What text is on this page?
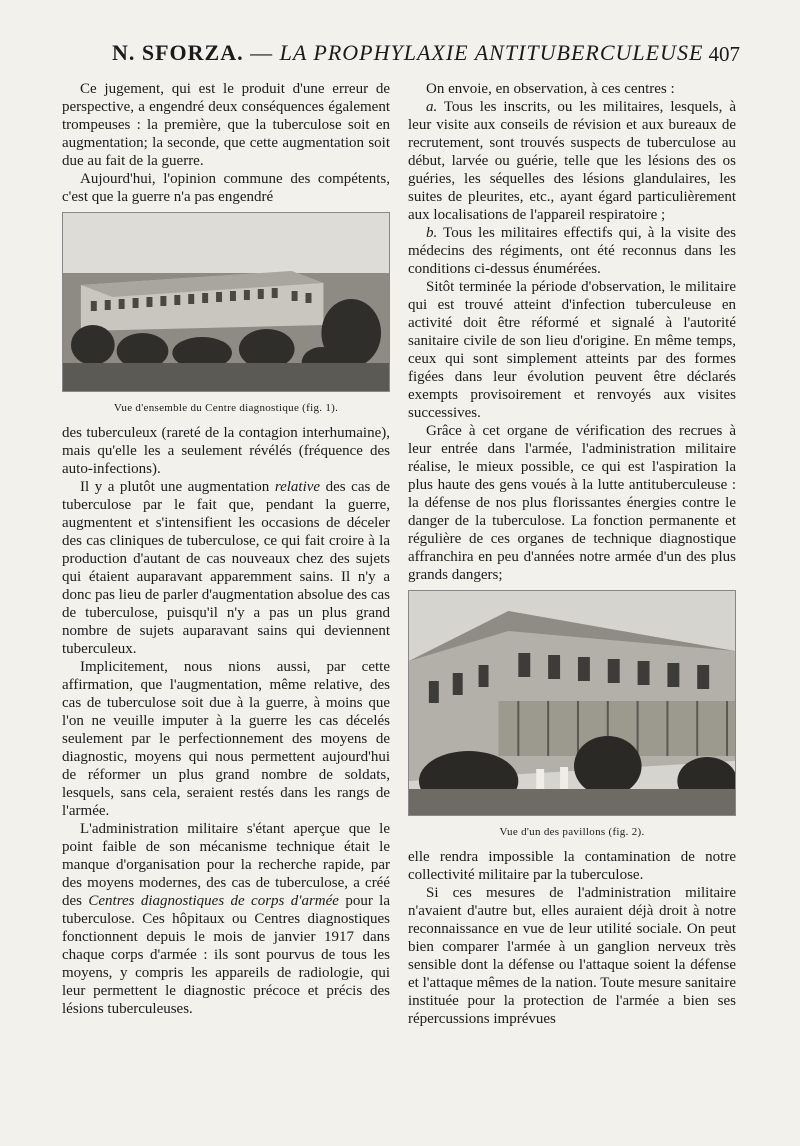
N. SFORZA. — LA PROPHYLAXIE ANTITUBERCULEUSE 407

Ce jugement, qui est le produit d'une erreur de perspective, a engendré deux conséquences également trompeuses : la première, que la tuberculose soit en augmentation; la seconde, que cette augmentation soit due au fait de la guerre.

Aujourd'hui, l'opinion commune des compétents, c'est que la guerre n'a pas engendré

Vue d'ensemble du Centre diagnostique (fig. 1).

des tuberculeux (rareté de la contagion interhumaine), mais qu'elle les a seulement révélés (fréquence des auto-infections).

Il y a plutôt une augmentation relative des cas de tuberculose par le fait que, pendant la guerre, augmentent et s'intensifient les occasions de déceler des cas cliniques de tuberculose, ce qui fait croire à la production d'autant de cas nouveaux chez des sujets qui étaient auparavant apparemment sains. Il n'y a donc pas lieu de parler d'augmentation absolue des cas de tuberculose, puisqu'il n'y a pas un plus grand nombre de sujets auparavant sains qui deviennent tuberculeux.

Implicitement, nous nions aussi, par cette affirmation, que l'augmentation, même relative, des cas de tuberculose soit due à la guerre, à moins que l'on ne veuille imputer à la guerre les cas décelés seulement par le perfectionnement des moyens de diagnostic, moyens qui nous permettent aujourd'hui de réformer un plus grand nombre de soldats, lesquels, sans cela, seraient restés dans les rangs de l'armée.

L'administration militaire s'étant aperçue que le point faible de son mécanisme technique était le manque d'organisation pour la recherche rapide, par des moyens modernes, des cas de tuberculose, a créé des Centres diagnostiques de corps d'armée pour la tuberculose. Ces hôpitaux ou Centres diagnostiques fonctionnent depuis le mois de janvier 1917 dans chaque corps d'armée : ils sont pourvus de tous les moyens, y compris les appareils de radiologie, qui leur permettent le diagnostic précoce et précis des lésions tuberculeuses.

On envoie, en observation, à ces centres :

a. Tous les inscrits, ou les militaires, lesquels, à leur visite aux conseils de révision et aux bureaux de recrutement, sont trouvés suspects de tuberculose au début, larvée ou guérie, telle que les lésions des os guéries, les séquelles des lésions glandulaires, les suites de pleurites, etc., ayant égard particulièrement aux localisations de l'appareil respiratoire ;

b. Tous les militaires effectifs qui, à la visite des médecins des régiments, ont été reconnus dans les conditions ci-dessus énumérées.

Sitôt terminée la période d'observation, le militaire qui est trouvé atteint d'infection tuberculeuse en activité doit être réformé et signalé à l'autorité sanitaire civile de son lieu d'origine. En même temps, ceux qui sont simplement atteints par des formes figées dans leur évolution peuvent être déclarés exempts provisoirement et renvoyés aux visites successives.

Grâce à cet organe de vérification des recrues à leur entrée dans l'armée, l'administration militaire réalise, le mieux possible, ce qui est l'aspiration la plus haute des gens voués à la lutte antituberculeuse : la défense de nos plus florissantes énergies contre le danger de la tuberculose. La fonction permanente et régulière de ces organes de technique diagnostique affranchira en peu d'années notre armée d'un des plus grands dangers;

Vue d'un des pavillons (fig. 2).

elle rendra impossible la contamination de notre collectivité militaire par la tuberculose.

Si ces mesures de l'administration militaire n'avaient d'autre but, elles auraient déjà droit à notre reconnaissance en vue de leur utilité sociale. On peut bien comparer l'armée à un ganglion nerveux très sensible dont la défense ou l'attaque soient la défense et l'attaque mêmes de la nation. Toute mesure sanitaire instituée pour la protection de l'armée a bien ses répercussions imprévues
